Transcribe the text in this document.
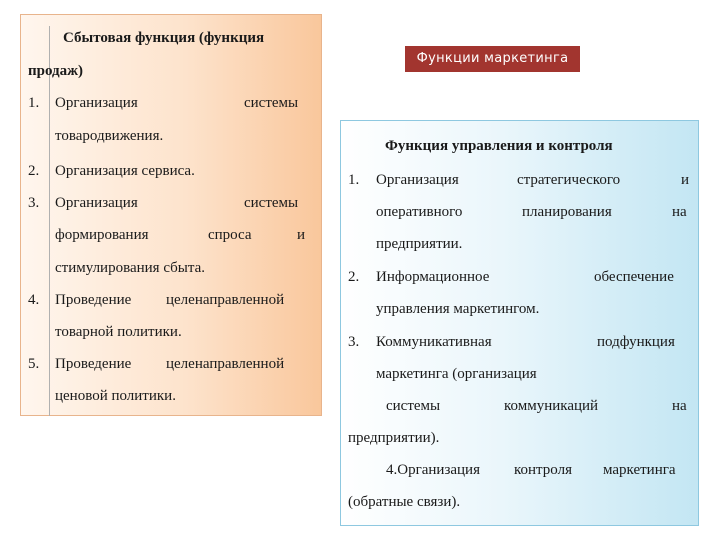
Сбытовая функция (функция
продаж)
1. Организация	системы
товародвижения.
2. Организация сервиса.
3. Организация	системы
формирования	спроса	и
стимулирования сбыта.
4. Проведение целенаправленной
товарной политики.
5. Проведение целенаправленной
ценовой политики.
Функции маркетинга
Функция управления и контроля
1. Организация	стратегического	и
оперативного	планирования	на
предприятии.
2. Информационное	обеспечение
управления маркетингом.
3. Коммуникативная	подфункция
маркетинга (организация
системы	коммуникаций	на
предприятии).
4.Организация контроля маркетинга
(обратные связи).
